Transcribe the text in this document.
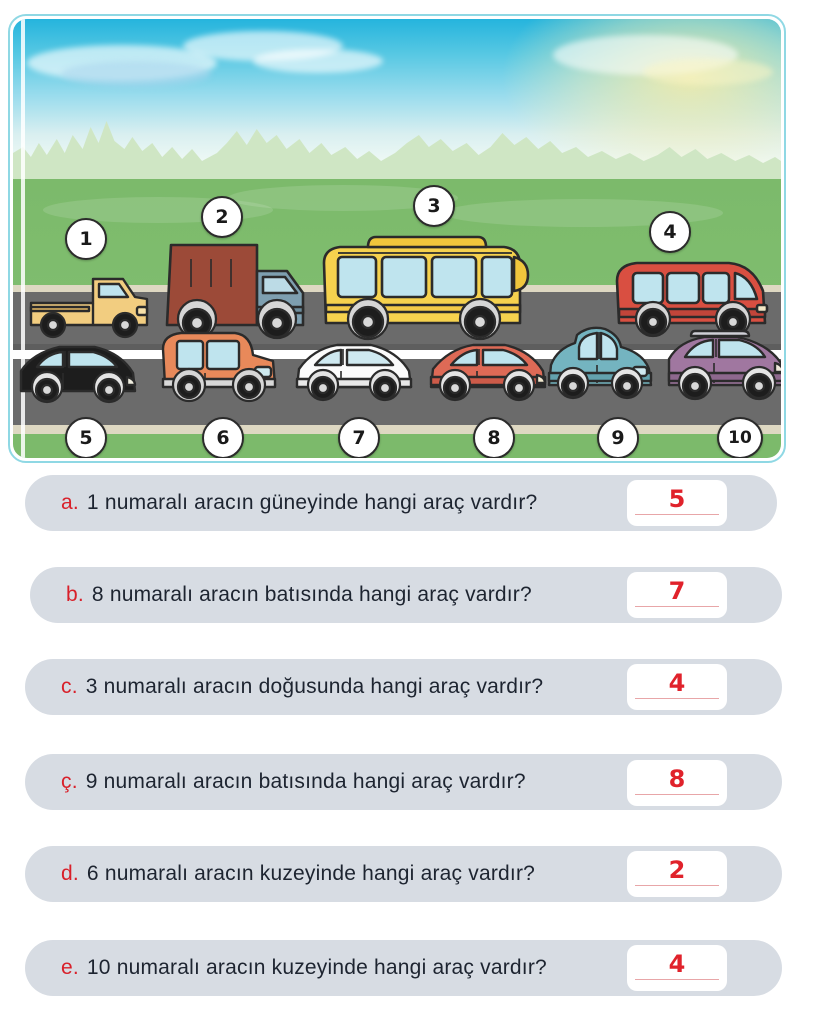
1
2	3
4
5	6	7	8	9	10
a. 1 numaralı aracın güneyinde hangi araç vardır?	5
b. 8 numaralı aracın batısında hangi araç vardır?	7
c. 3 numaralı aracın doğusunda hangi araç vardır?	4
ç. 9 numaralı aracın batısında hangi araç vardır?	8
d. 6 numaralı aracın kuzeyinde hangi araç vardır?	2
e. 10 numaralı aracın kuzeyinde hangi araç vardır?	4
